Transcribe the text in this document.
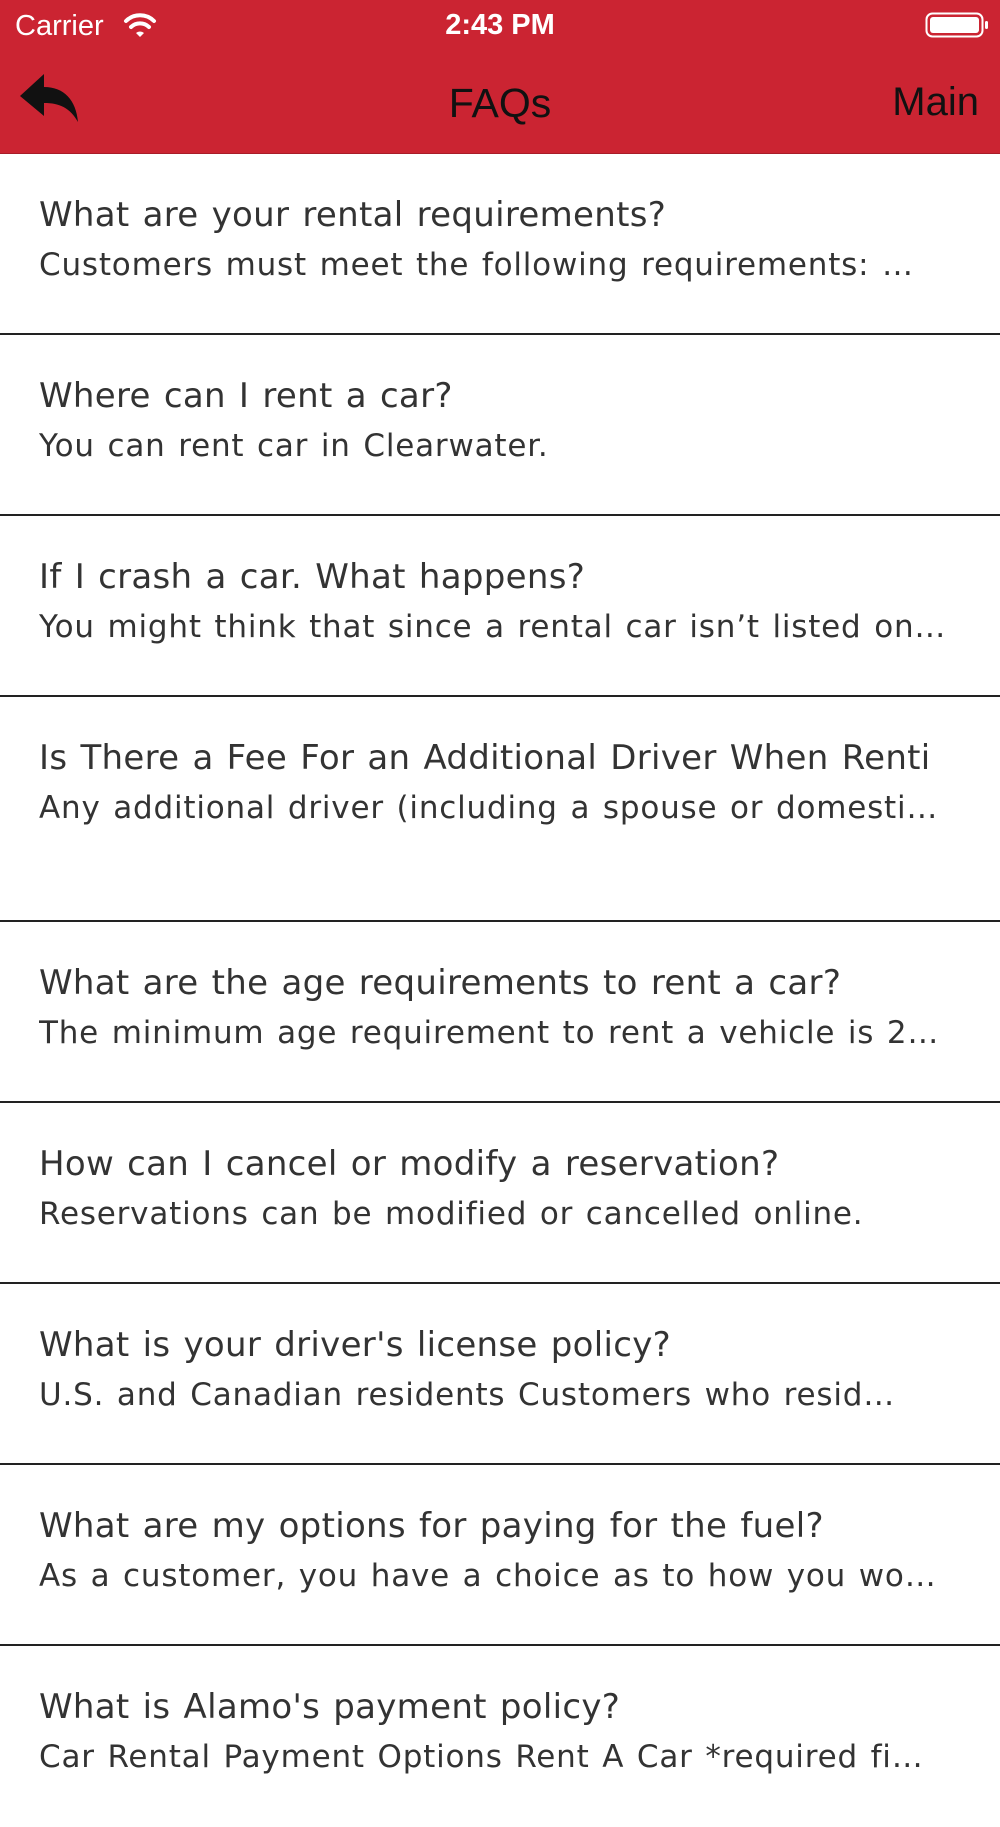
Carrier	2:43 PM
FAQs	Main
What are your rental requirements?
Customers must meet the following requirements: …
Where can I rent a car?
You can rent car in Clearwater.
If I crash a car. What happens?
You might think that since a rental car isn’t listed on…
Is There a Fee For an Additional Driver When Renti
Any additional driver (including a spouse or domesti…
What are the age requirements to rent a car?
The minimum age requirement to rent a vehicle is 2…
How can I cancel or modify a reservation?
Reservations can be modified or cancelled online.
What is your driver's license policy?
U.S. and Canadian residents Customers who resid…
What are my options for paying for the fuel?
As a customer, you have a choice as to how you wo…
What is Alamo's payment policy?
Car Rental Payment Options Rent A Car *required fi…
